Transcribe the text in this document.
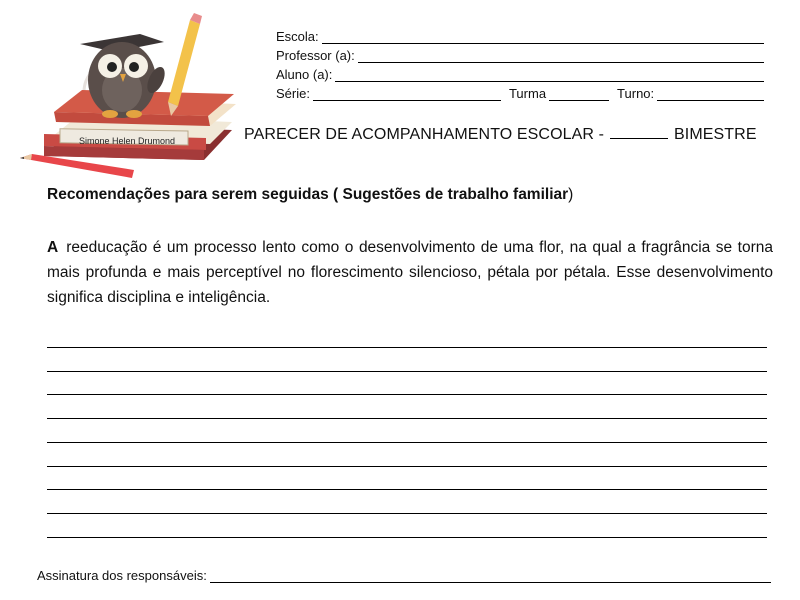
Simone Helen Drumond
Escola:
Professor (a):
Aluno (a):
Série:	Turma	Turno:
PARECER DE ACOMPANHAMENTO ESCOLAR -	BIMESTRE
Recomendações para serem seguidas ( Sugestões de trabalho familiar)
A reeducação é um processo lento como o desenvolvimento de uma flor, na qual a fragrância se torna mais profunda e mais perceptível no florescimento silencioso, pétala por pétala. Esse desenvolvimento significa disciplina e inteligência.
Assinatura dos responsáveis:
